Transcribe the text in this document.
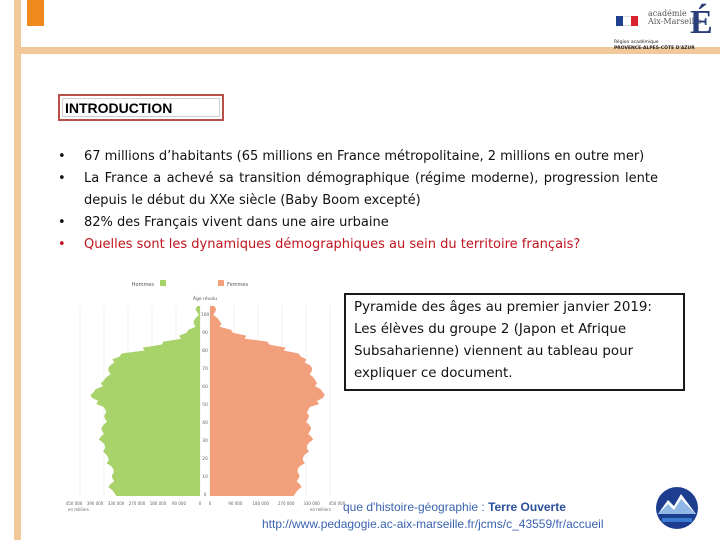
académie
Aix-Marseille
É
Région académique
PROVENCE-ALPES-CÔTE D'AZUR
INTRODUCTION
• 67 millions d’habitants (65 millions en France métropolitaine, 2 millions en outre mer)
• La France a achevé sa transition démographique (régime moderne), progression lente depuis le début du XXe siècle (Baby Boom excepté)
• 82% des Français vivent dans une aire urbaine
• Quelles sont les dynamiques démographiques au sein du territoire français?
Hommes	Femmes
Âge révolu
100
90
80
70
60
50
40
30
20
10
0
450 000 390 000 330 000 270 000 180 000 90 000	0 0	90 000	180 000 270 000 330 000 450 000
en milliers	en milliers
Pyramide des âges au premier janvier 2019: Les élèves du groupe 2 (Japon et Afrique Subsaharienne) viennent au tableau pour expliquer ce document.
que d'histoire-géographie : Terre Ouverte
http://www.pedagogie.ac-aix-marseille.fr/jcms/c_43559/fr/accueil
